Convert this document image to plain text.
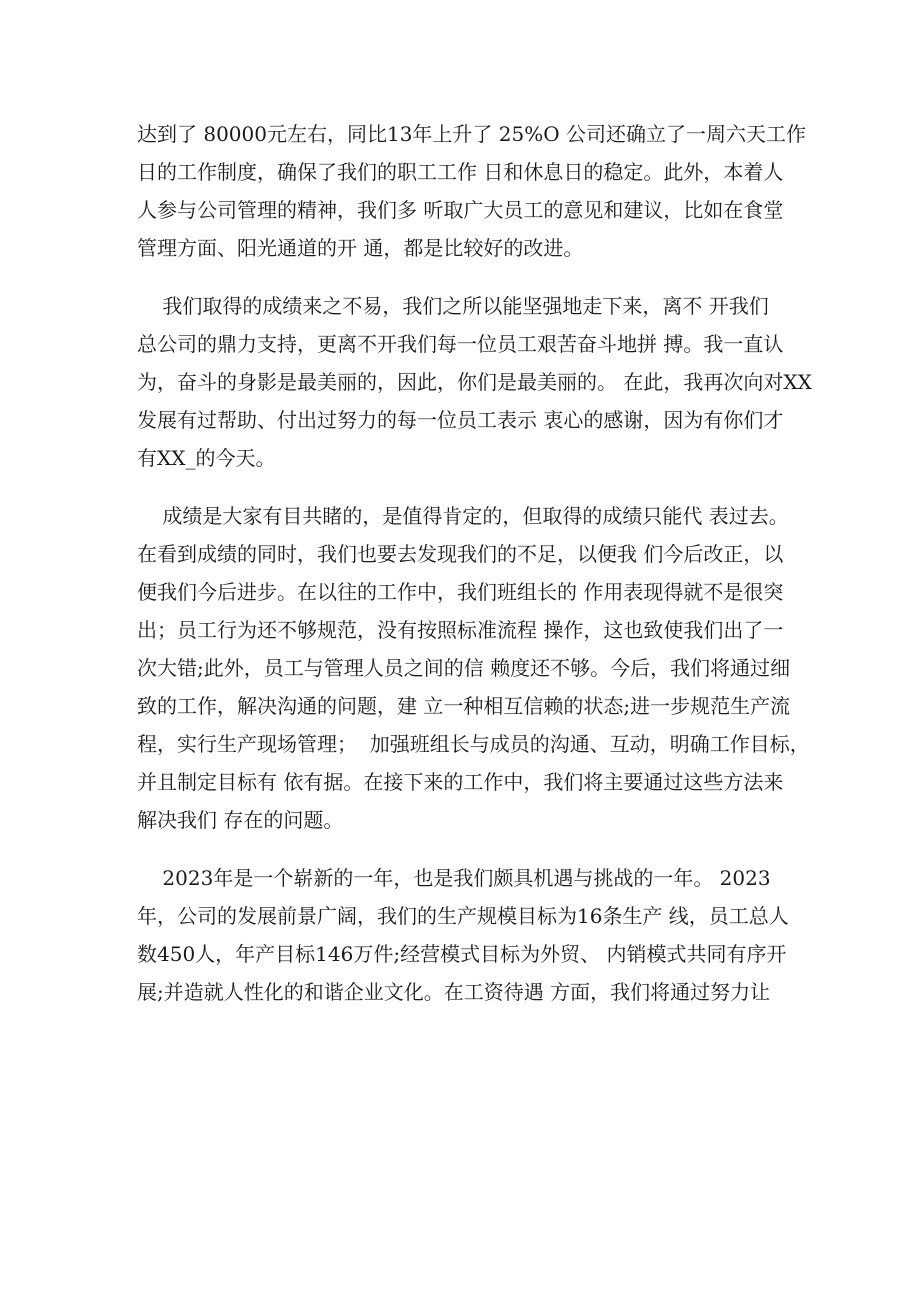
达到了 80000元左右，同比13年上升了 25%O 公司还确立了一周六天工作
日的工作制度，确保了我们的职工工作 日和休息日的稳定。此外，本着人
人参与公司管理的精神，我们多 听取广大员工的意见和建议，比如在食堂
管理方面、阳光通道的开 通，都是比较好的改进。
我们取得的成绩来之不易，我们之所以能坚强地走下来，离不 开我们
总公司的鼎力支持，更离不开我们每一位员工艰苦奋斗地拼 搏。我一直认
为，奋斗的身影是最美丽的，因此，你们是最美丽的。 在此，我再次向对XX
发展有过帮助、付出过努力的每一位员工表示 衷心的感谢，因为有你们才
有XX_的今天。
成绩是大家有目共睹的，是值得肯定的，但取得的成绩只能代 表过去。
在看到成绩的同时，我们也要去发现我们的不足，以便我 们今后改正，以
便我们今后进步。在以往的工作中，我们班组长的 作用表现得就不是很突
出；员工行为还不够规范，没有按照标准流程 操作，这也致使我们出了一
次大错;此外，员工与管理人员之间的信 赖度还不够。今后，我们将通过细
致的工作，解决沟通的问题，建 立一种相互信赖的状态;进一步规范生产流
程，实行生产现场管理；  加强班组长与成员的沟通、互动，明确工作目标，
并且制定目标有 依有据。在接下来的工作中，我们将主要通过这些方法来
解决我们 存在的问题。
2023年是一个崭新的一年，也是我们颇具机遇与挑战的一年。 2023
年，公司的发展前景广阔，我们的生产规模目标为16条生产 线，员工总人
数450人，年产目标146万件;经营模式目标为外贸、 内销模式共同有序开
展;并造就人性化的和谐企业文化。在工资待遇 方面，我们将通过努力让
